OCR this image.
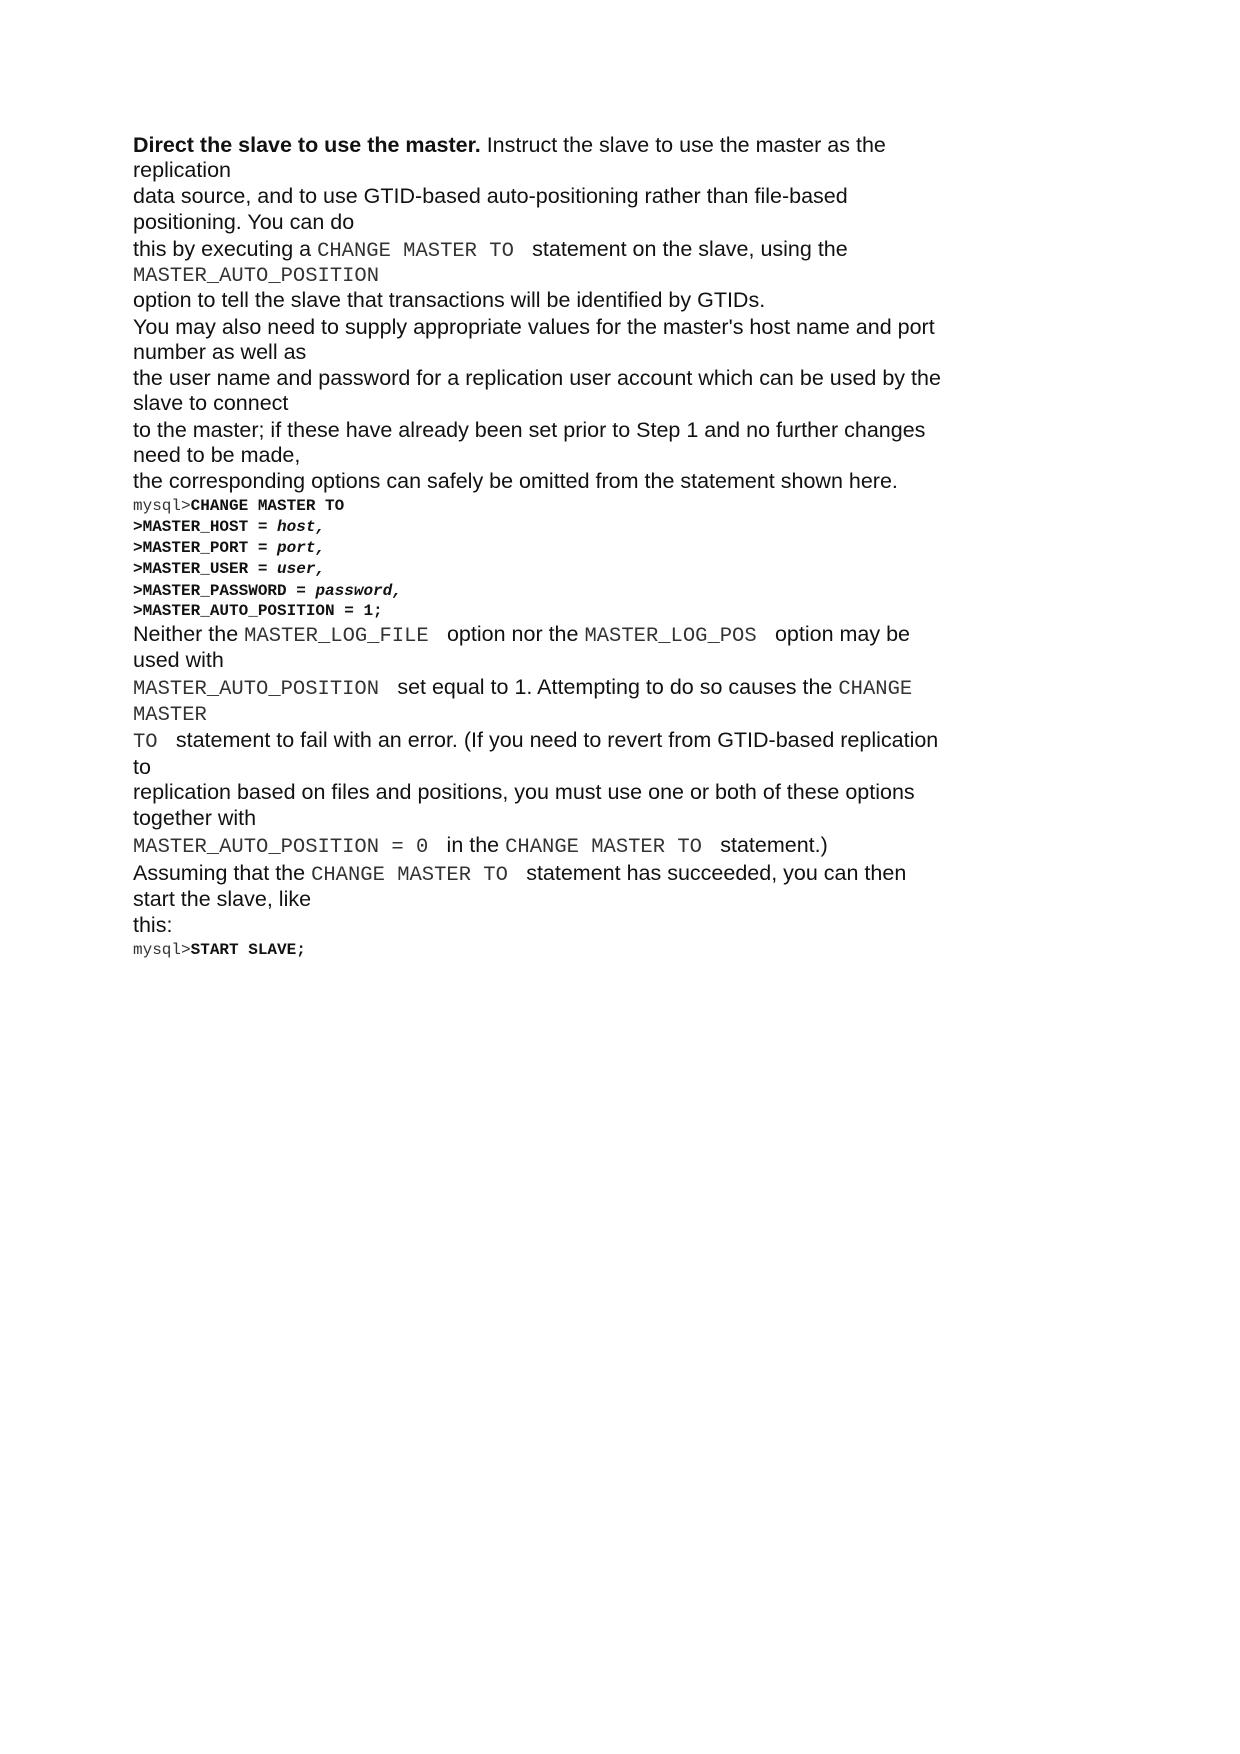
Direct the slave to use the master. Instruct the slave to use the master as the
replication
data source, and to use GTID-based auto-positioning rather than file-based
positioning. You can do
this by executing a CHANGE MASTER TO  statement on the slave, using the
MASTER_AUTO_POSITION
option to tell the slave that transactions will be identified by GTIDs.
You may also need to supply appropriate values for the master's host name and port
number as well as
the user name and password for a replication user account which can be used by the
slave to connect
to the master; if these have already been set prior to Step 1 and no further changes
need to be made,
the corresponding options can safely be omitted from the statement shown here.
mysql>CHANGE MASTER TO
>MASTER_HOST = host,
>MASTER_PORT = port,
>MASTER_USER = user,
>MASTER_PASSWORD = password,
>MASTER_AUTO_POSITION = 1;
Neither the MASTER_LOG_FILE  option nor the MASTER_LOG_POS  option may be
used with
MASTER_AUTO_POSITION  set equal to 1. Attempting to do so causes the CHANGE
MASTER
TO  statement to fail with an error. (If you need to revert from GTID-based replication
to
replication based on files and positions, you must use one or both of these options
together with
MASTER_AUTO_POSITION = 0  in the CHANGE MASTER TO  statement.)
Assuming that the CHANGE MASTER TO  statement has succeeded, you can then
start the slave, like
this:
mysql>START SLAVE;
